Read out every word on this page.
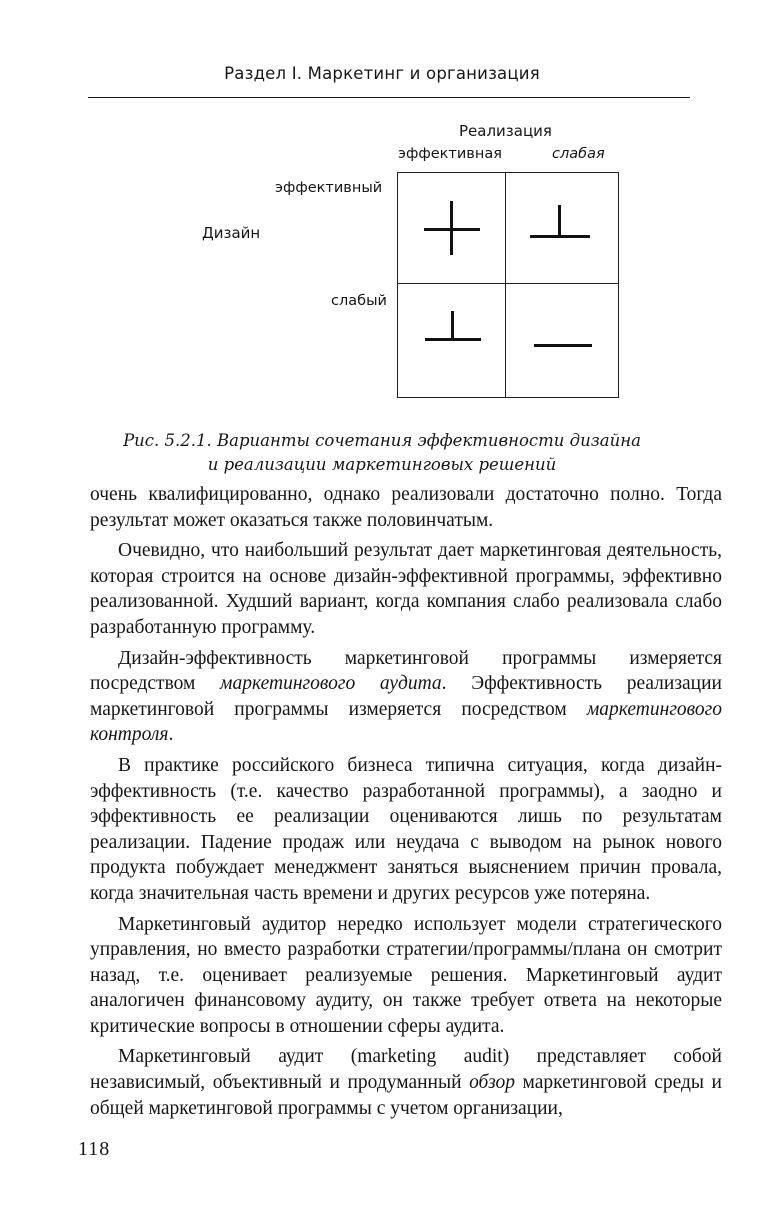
Раздел I. Маркетинг и организация
Реализация
эффективная	слабая
Дизайн
эффективный
слабый
Рис. 5.2.1. Варианты сочетания эффективности дизайна
и реализации маркетинговых решений

очень квалифицированно, однако реализовали достаточно полно. Тогда результат может оказаться также половинчатым.

Очевидно, что наибольший результат дает маркетинговая деятельность, которая строится на основе дизайн-эффективной программы, эффективно реализованной. Худший вариант, когда компания слабо реализовала слабо разработанную программу.

Дизайн-эффективность маркетинговой программы измеряется посредством маркетингового аудита. Эффективность реализации маркетинговой программы измеряется посредством маркетингового контроля.

В практике российского бизнеса типична ситуация, когда дизайн-эффективность (т.е. качество разработанной программы), а заодно и эффективность ее реализации оцениваются лишь по результатам реализации. Падение продаж или неудача с выводом на рынок нового продукта побуждает менеджмент заняться выяснением причин провала, когда значительная часть времени и других ресурсов уже потеряна.

Маркетинговый аудитор нередко использует модели стратегического управления, но вместо разработки стратегии/программы/плана он смотрит назад, т.е. оценивает реализуемые решения. Маркетинговый аудит аналогичен финансовому аудиту, он также требует ответа на некоторые критические вопросы в отношении сферы аудита.

Маркетинговый аудит (marketing audit) представляет собой независимый, объективный и продуманный обзор маркетинговой среды и общей маркетинговой программы с учетом организации,

118
